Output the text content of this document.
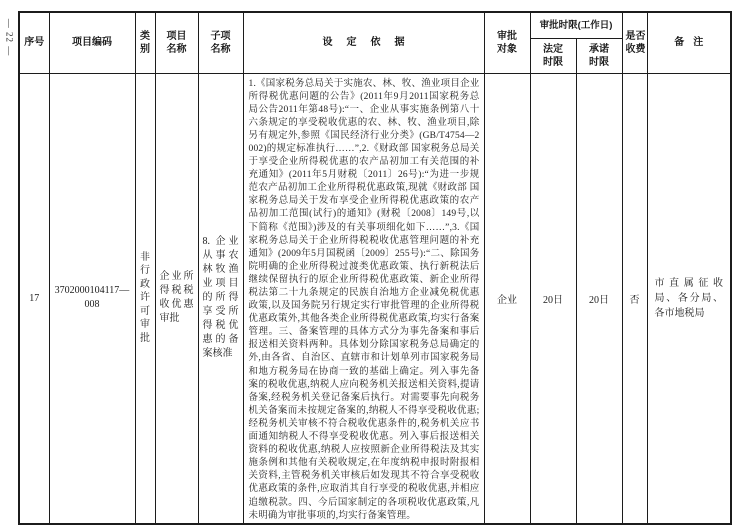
— 22 — 序号	项目编码	类别	项目名称	子项名称	设定依据	审批对象	审批时限(工作日)		是否收费	备注

							法定时限	承诺时限		

17	3702000104117—008	非行政许可审批	企业所得税税收优惠审批	8. 企业从事农林牧渔业项目的所得享受所得税优惠的备案核准	1.《国家税务总局关于实施农、林、牧、渔业项目企业所得税优惠问题的公告》(2011年9月2011国家税务总局公告2011年第48号):“一、企业从事实施条例第八十六条规定的享受税收优惠的农、林、牧、渔业项目,除另有规定外,参照《国民经济行业分类》(GB/T4754—2002)的规定标准执行……”,2.《财政部 国家税务总局关于享受企业所得税优惠的农产品初加工有关范围的补充通知》(2011年5月财税〔2011〕26号):“为进一步规范农产品初加工企业所得税优惠政策,现就《财政部 国家税务总局关于发布享受企业所得税优惠政策的农产品初加工范围(试行)的通知》(财税〔2008〕149号,以下简称《范围》)涉及的有关事项细化如下……”,3.《国家税务总局关于企业所得税税收优惠管理问题的补充通知》(2009年5月国税函〔2009〕255号):“二、除国务院明确的企业所得税过渡类优惠政策、执行新税法后继续保留执行的原企业所得税优惠政策、新企业所得税法第二十九条规定的民族自治地方企业减免税优惠政策,以及国务院另行规定实行审批管理的企业所得税优惠政策外,其他各类企业所得税优惠政策,均实行备案管理。三、备案管理的具体方式分为事先备案和事后报送相关资料两种。具体划分除国家税务总局确定的外,由各省、自治区、直辖市和计划单列市国家税务局和地方税务局在协商一致的基础上确定。列入事先备案的税收优惠,纳税人应向税务机关报送相关资料,提请备案,经税务机关登记备案后执行。对需要事先向税务机关备案而未按规定备案的,纳税人不得享受税收优惠;经税务机关审核不符合税收优惠条件的,税务机关应书面通知纳税人不得享受税收优惠。列入事后报送相关资料的税收优惠,纳税人应按照新企业所得税法及其实施条例和其他有关税收规定,在年度纳税申报时附报相关资料,主管税务机关审核后如发现其不符合享受税收优惠政策的条件,应取消其自行享受的税收优惠,并相应追缴税款。四、今后国家制定的各项税收优惠政策,凡未明确为审批事项的,均实行备案管理。	企业	20日	20日	否	市直属征收局、各分局、各市地税局
